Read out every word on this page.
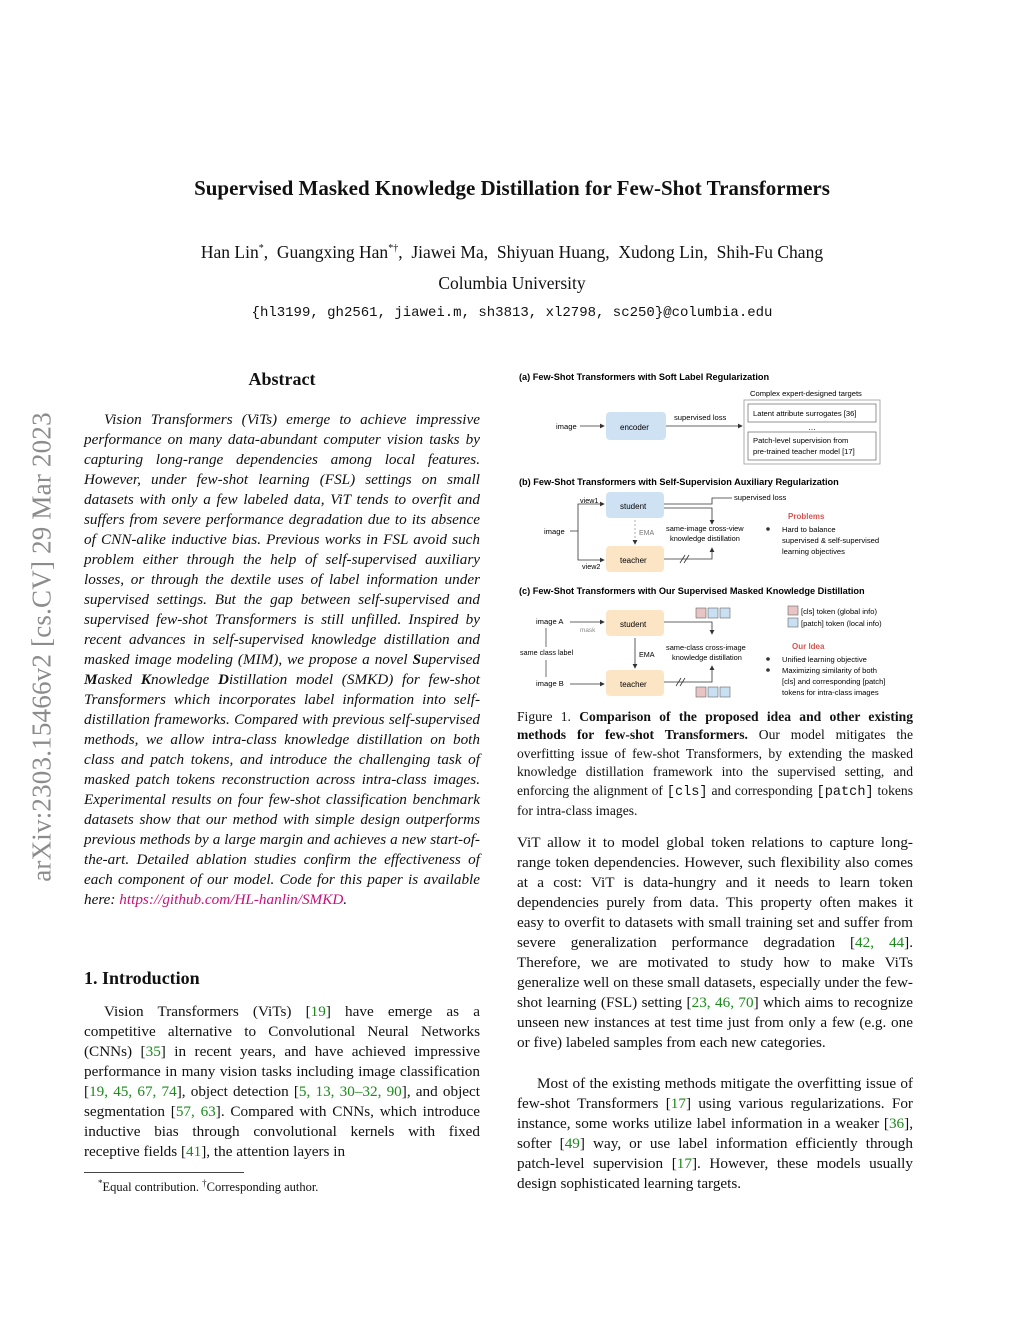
Supervised Masked Knowledge Distillation for Few-Shot Transformers
Han Lin*,  Guangxing Han*†,  Jiawei Ma,  Shiyuan Huang,  Xudong Lin,  Shih-Fu Chang
Columbia University
{hl3199, gh2561, jiawei.m, sh3813, xl2798, sc250}@columbia.edu
arXiv:2303.15466v2 [cs.CV] 29 Mar 2023
Abstract

Vision Transformers (ViTs) emerge to achieve impressive performance on many data-abundant computer vision tasks by capturing long-range dependencies among local features. However, under few-shot learning (FSL) settings on small datasets with only a few labeled data, ViT tends to overfit and suffers from severe performance degradation due to its absence of CNN-alike inductive bias. Previous works in FSL avoid such problem either through the help of self-supervised auxiliary losses, or through the dextile uses of label information under supervised settings. But the gap between self-supervised and supervised few-shot Transformers is still unfilled. Inspired by recent advances in self-supervised knowledge distillation and masked image modeling (MIM), we propose a novel Supervised Masked Knowledge Distillation model (SMKD) for few-shot Transformers which incorporates label information into self-distillation frameworks. Compared with previous self-supervised methods, we allow intra-class knowledge distillation on both class and patch tokens, and introduce the challenging task of masked patch tokens reconstruction across intra-class images. Experimental results on four few-shot classification benchmark datasets show that our method with simple design outperforms previous methods by a large margin and achieves a new start-of-the-art. Detailed ablation studies confirm the effectiveness of each component of our model. Code for this paper is available here: https://github.com/HL-hanlin/SMKD.

1. Introduction

Vision Transformers (ViTs) [19] have emerge as a competitive alternative to Convolutional Neural Networks (CNNs) [35] in recent years, and have achieved impressive performance in many vision tasks including image classification [19, 45, 67, 74], object detection [5, 13, 30–32, 90], and object segmentation [57, 63]. Compared with CNNs, which introduce inductive bias through convolutional kernels with fixed receptive fields [41], the attention layers in

*Equal contribution. †Corresponding author.
(a) Few-Shot Transformers with Soft Label Regularization
Complex expert-designed targets
Latent attribute surrogates [36]
…
Patch-level supervision from
pre-trained teacher model [17]
image	encoder
supervised loss
(b) Few-Shot Transformers with Self-Supervision Auxiliary Regularization
image
view1
view2
student
teacher
EMA
supervised loss
same-image cross-view
knowledge distillation
Problems
Hard to balance
supervised & self-supervised
learning objectives
(c) Few-Shot Transformers with Our Supervised Masked Knowledge Distillation
image A
same class label
image B
mask
student
teacher
EMA
same-class cross-image
knowledge distillation
[cls] token (global info)
[patch] token (local info)
Our Idea
Unified learning objective
Maximizing similarity of both
[cls] and corresponding [patch]
tokens for intra-class images

Figure 1. Comparison of the proposed idea and other existing methods for few-shot Transformers. Our model mitigates the overfitting issue of few-shot Transformers, by extending the masked knowledge distillation framework into the supervised setting, and enforcing the alignment of [cls] and corresponding [patch] tokens for intra-class images.

ViT allow it to model global token relations to capture long-range token dependencies. However, such flexibility also comes at a cost: ViT is data-hungry and it needs to learn token dependencies purely from data. This property often makes it easy to overfit to datasets with small training set and suffer from severe generalization performance degradation [42, 44]. Therefore, we are motivated to study how to make ViTs generalize well on these small datasets, especially under the few-shot learning (FSL) setting [23, 46, 70] which aims to recognize unseen new instances at test time just from only a few (e.g. one or five) labeled samples from each new categories.

Most of the existing methods mitigate the overfitting issue of few-shot Transformers [17] using various regularizations. For instance, some works utilize label information in a weaker [36], softer [49] way, or use label information efficiently through patch-level supervision [17]. However, these models usually design sophisticated learning targets.
